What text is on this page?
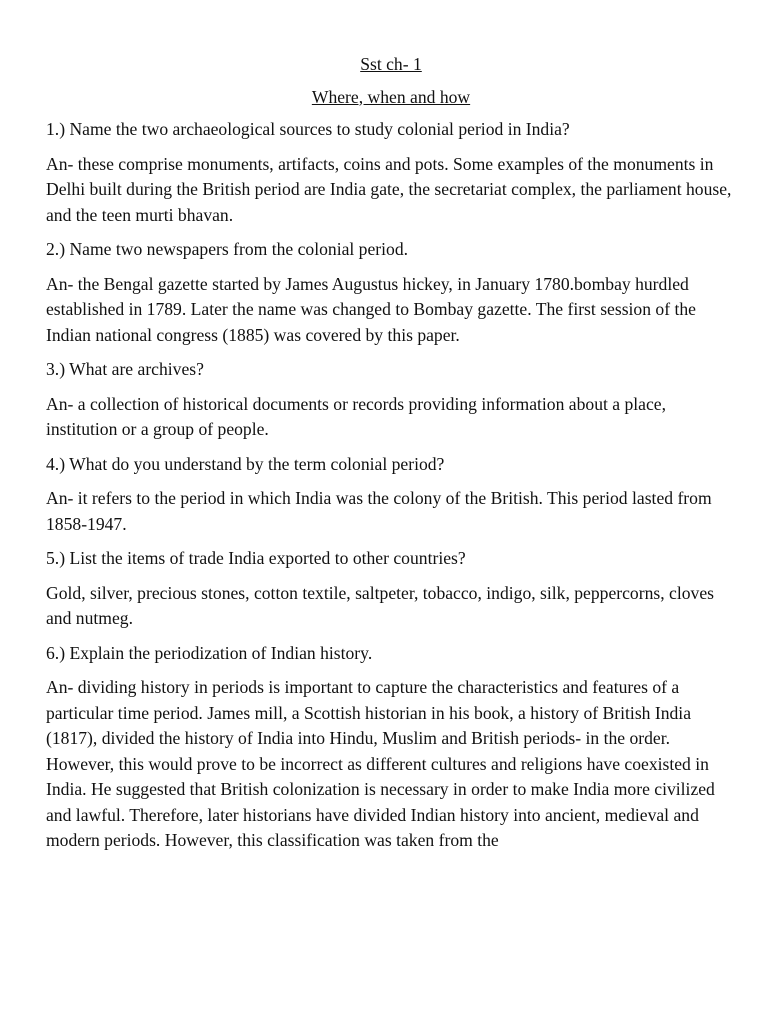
Sst ch- 1

Where, when and how

1.) Name the two archaeological sources to study colonial period in India?

An- these comprise monuments, artifacts, coins and pots. Some examples of the monuments in Delhi built during the British period are India gate, the secretariat complex, the parliament house, and the teen murti bhavan.

2.) Name two newspapers from the colonial period.

An- the Bengal gazette started by James Augustus hickey, in January 1780.bombay hurdled established in 1789. Later the name was changed to Bombay gazette. The first session of the Indian national congress (1885) was covered by this paper.

3.) What are archives?

An- a collection of historical documents or records providing information about a place, institution or a group of people.

4.) What do you understand by the term colonial period?

An- it refers to the period in which India was the colony of the British. This period lasted from 1858-1947.

5.) List the items of trade India exported to other countries?

Gold, silver, precious stones, cotton textile, saltpeter, tobacco, indigo, silk, peppercorns, cloves and nutmeg.

6.) Explain the periodization of Indian history.

An- dividing history in periods is important to capture the characteristics and features of a particular time period. James mill, a Scottish historian in his book, a history of British India (1817), divided the history of India into Hindu, Muslim and British periods- in the order. However, this would prove to be incorrect as different cultures and religions have coexisted in India. He suggested that British colonization is necessary in order to make India more civilized and lawful. Therefore, later historians have divided Indian history into ancient, medieval and modern periods. However, this classification was taken from the
